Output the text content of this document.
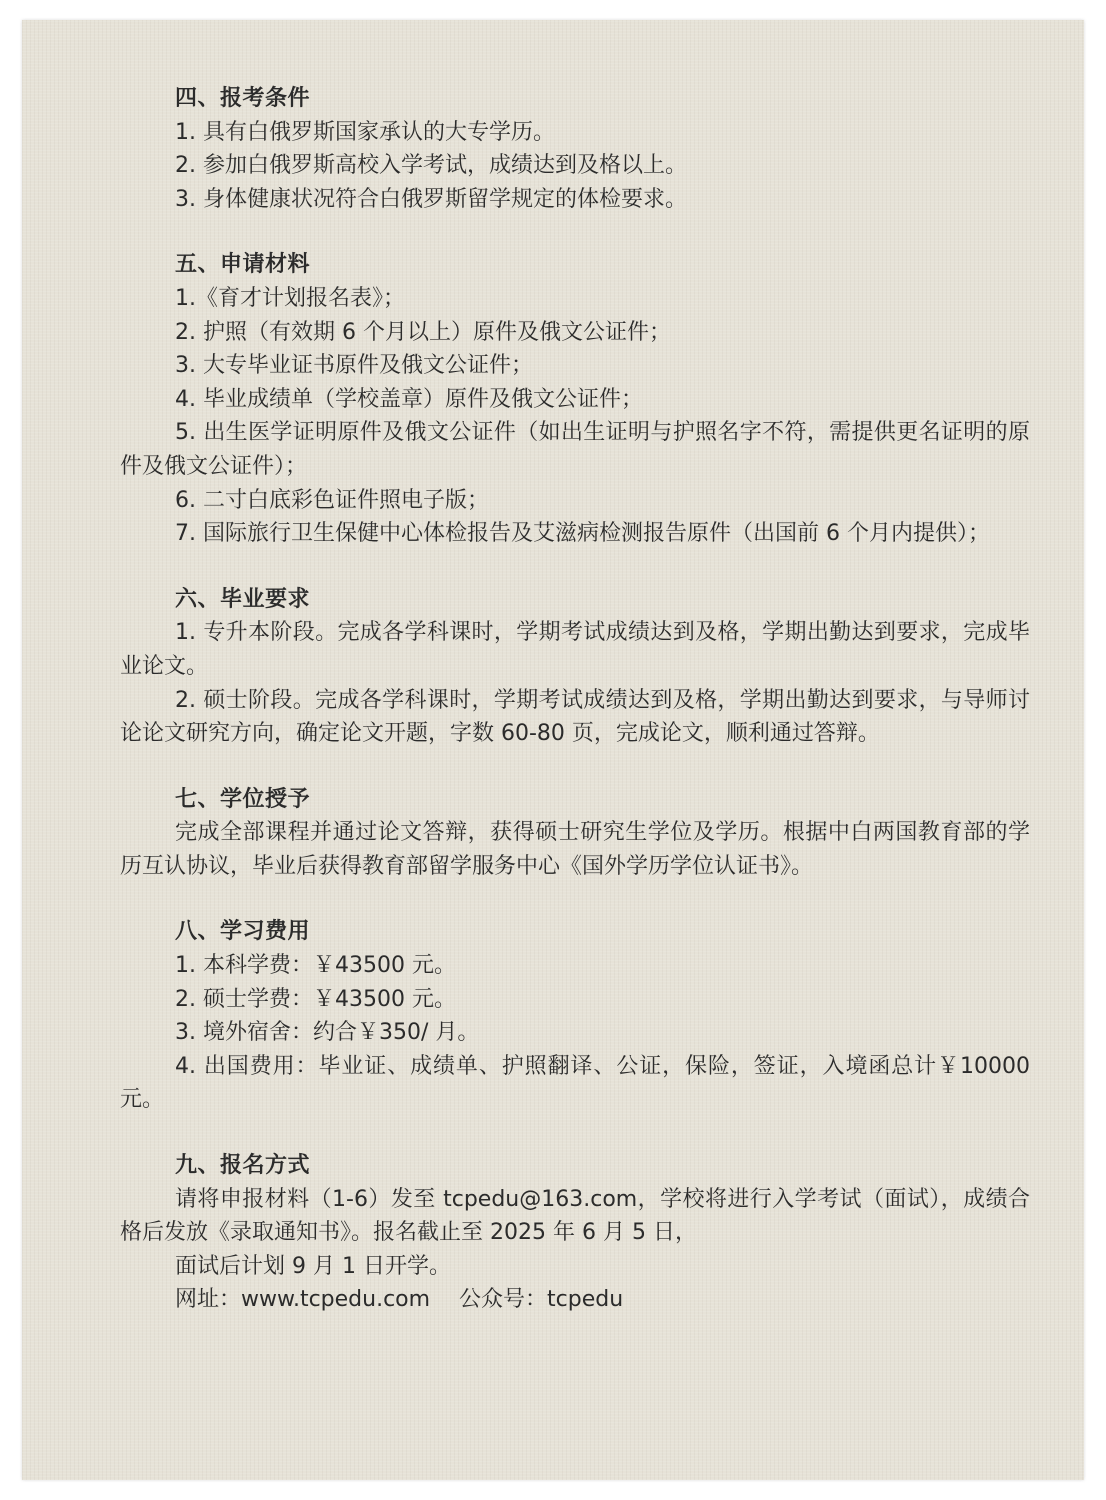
四、报考条件

1. 具有白俄罗斯国家承认的大专学历。

2. 参加白俄罗斯高校入学考试，成绩达到及格以上。

3. 身体健康状况符合白俄罗斯留学规定的体检要求。

五、申请材料

1.《育才计划报名表》；

2. 护照（有效期 6 个月以上）原件及俄文公证件；

3. 大专毕业证书原件及俄文公证件；

4. 毕业成绩单（学校盖章）原件及俄文公证件；

5. 出生医学证明原件及俄文公证件（如出生证明与护照名字不符，需提供更名证明的原件及俄文公证件）；

6. 二寸白底彩色证件照电子版；

7. 国际旅行卫生保健中心体检报告及艾滋病检测报告原件（出国前 6 个月内提供）；

六、毕业要求

1. 专升本阶段。完成各学科课时，学期考试成绩达到及格，学期出勤达到要求，完成毕业论文。

2. 硕士阶段。完成各学科课时，学期考试成绩达到及格，学期出勤达到要求，与导师讨论论文研究方向，确定论文开题，字数 60-80 页，完成论文，顺利通过答辩。

七、学位授予

完成全部课程并通过论文答辩，获得硕士研究生学位及学历。根据中白两国教育部的学历互认协议，毕业后获得教育部留学服务中心《国外学历学位认证书》。

八、学习费用

1. 本科学费：￥43500 元。

2. 硕士学费：￥43500 元。

3. 境外宿舍：约合￥350/ 月。

4. 出国费用：毕业证、成绩单、护照翻译、公证，保险，签证，入境函总计￥10000 元。

九、报名方式

请将申报材料（1-6）发至 tcpedu@163.com，学校将进行入学考试（面试），成绩合格后发放《录取通知书》。报名截止至 2025 年 6 月 5 日，

面试后计划 9 月 1 日开学。

网址：www.tcpedu.com　 公众号：tcpedu
